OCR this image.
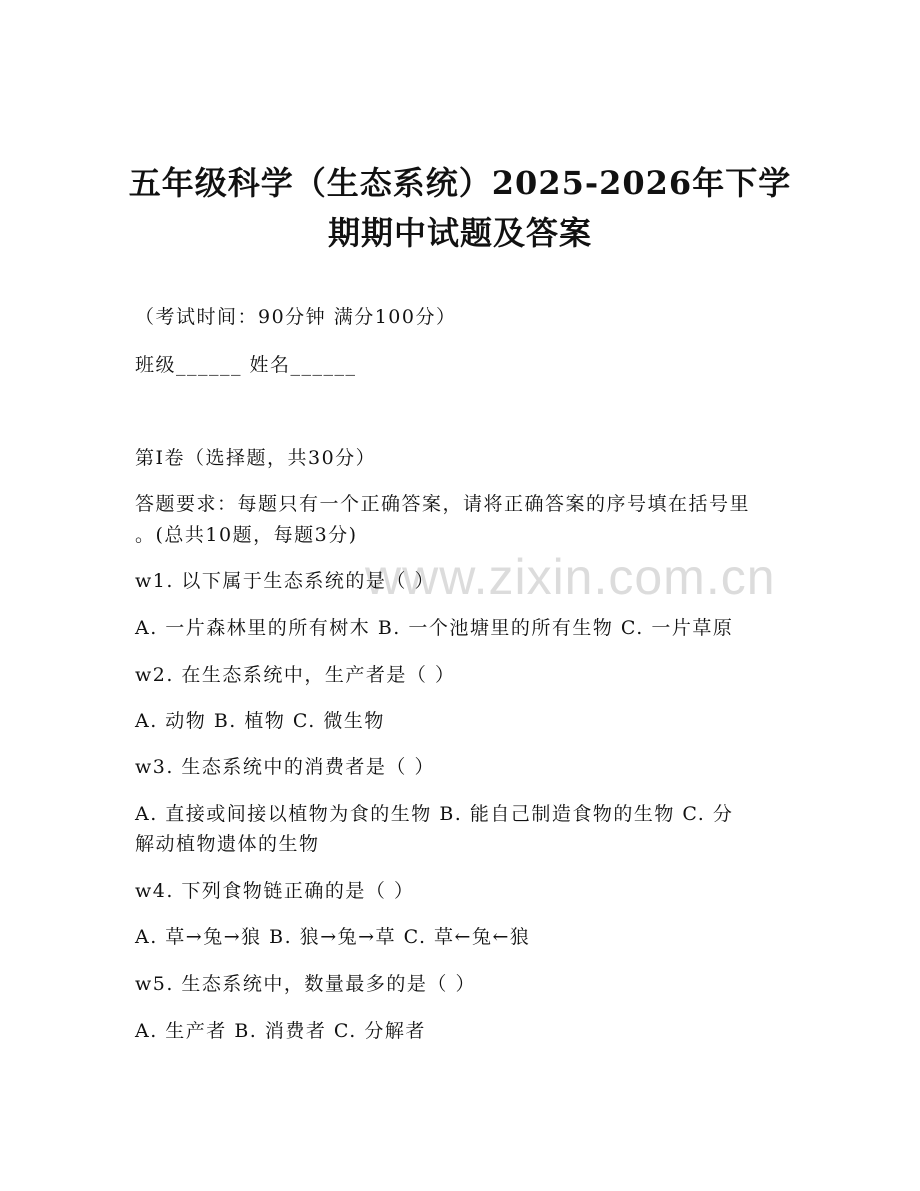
五年级科学（生态系统）2025-2026年下学
期期中试题及答案
（考试时间：90分钟 满分100分）
班级______ 姓名______
第I卷（选择题，共30分）
答题要求：每题只有一个正确答案，请将正确答案的序号填在括号里
。(总共10题，每题3分)
www.zixin.com.cn
w1. 以下属于生态系统的是（ ）
A. 一片森林里的所有树木 B. 一个池塘里的所有生物 C. 一片草原
w2. 在生态系统中，生产者是（ ）
A. 动物 B. 植物 C. 微生物
w3. 生态系统中的消费者是（ ）
A. 直接或间接以植物为食的生物 B. 能自己制造食物的生物 C. 分
解动植物遗体的生物
w4. 下列食物链正确的是（ ）
A. 草→兔→狼 B. 狼→兔→草 C. 草←兔←狼
w5. 生态系统中，数量最多的是（ ）
A. 生产者 B. 消费者 C. 分解者
